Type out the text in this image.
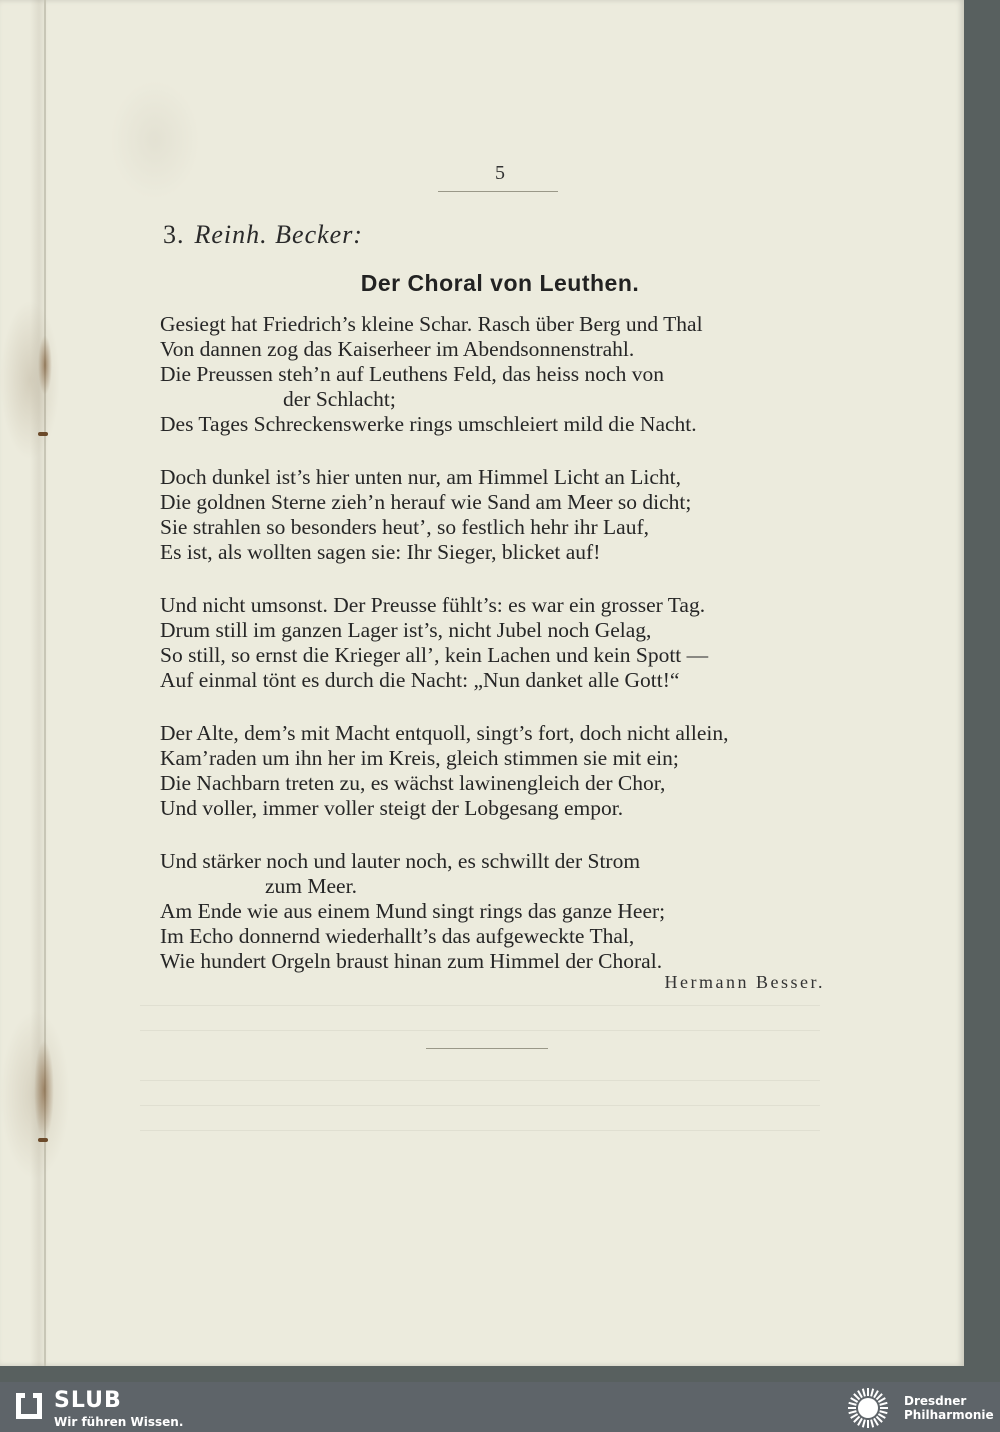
5
3. Reinh. Becker:
Der Choral von Leuthen.
Gesiegt hat Friedrich’s kleine Schar. Rasch über Berg und Thal
Von dannen zog das Kaiserheer im Abendsonnenstrahl.
Die Preussen steh’n auf Leuthens Feld, das heiss noch von
der Schlacht;
Des Tages Schreckenswerke rings umschleiert mild die Nacht.
Doch dunkel ist’s hier unten nur, am Himmel Licht an Licht,
Die goldnen Sterne zieh’n herauf wie Sand am Meer so dicht;
Sie strahlen so besonders heut’, so festlich hehr ihr Lauf,
Es ist, als wollten sagen sie: Ihr Sieger, blicket auf!
Und nicht umsonst. Der Preusse fühlt’s: es war ein grosser Tag.
Drum still im ganzen Lager ist’s, nicht Jubel noch Gelag,
So still, so ernst die Krieger all’, kein Lachen und kein Spott —
Auf einmal tönt es durch die Nacht: „Nun danket alle Gott!“
Der Alte, dem’s mit Macht entquoll, singt’s fort, doch nicht allein,
Kam’raden um ihn her im Kreis, gleich stimmen sie mit ein;
Die Nachbarn treten zu, es wächst lawinengleich der Chor,
Und voller, immer voller steigt der Lobgesang empor.
Und stärker noch und lauter noch, es schwillt der Strom
zum Meer.
Am Ende wie aus einem Mund singt rings das ganze Heer;
Im Echo donnernd wiederhallt’s das aufgeweckte Thal,
Wie hundert Orgeln braust hinan zum Himmel der Choral.
Hermann Besser.
SLUB
Wir führen Wissen.
Dresdner
Philharmonie
